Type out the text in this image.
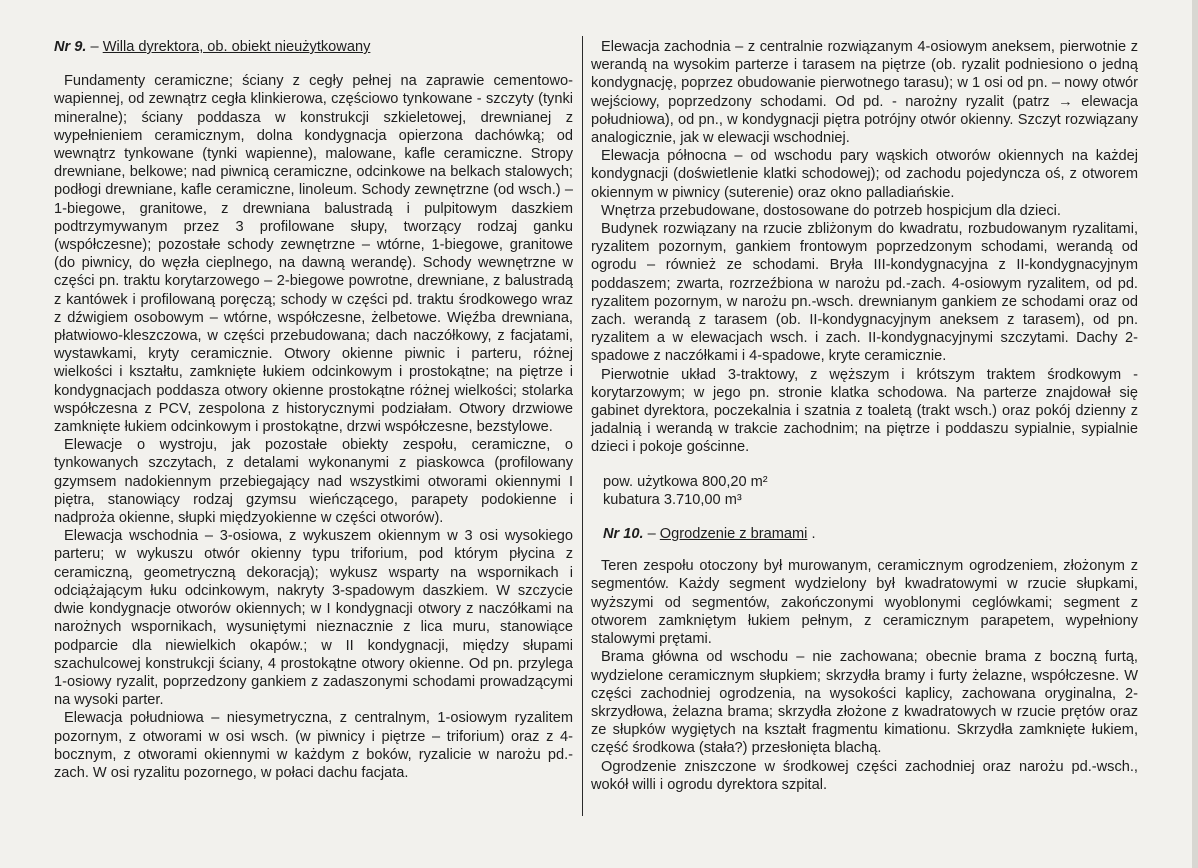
Nr 9. – Willa dyrektora, ob. obiekt nieużytkowany

Fundamenty ceramiczne; ściany z cegły pełnej na zaprawie cementowo-wapiennej, od zewnątrz cegła klinkierowa, częściowo tynkowane - szczyty (tynki mineralne); ściany poddasza w konstrukcji szkieletowej, drewnianej z wypełnieniem ceramicznym, dolna kondygnacja opierzona dachówką; od wewnątrz tynkowane (tynki wapienne), malowane, kafle ceramiczne. Stropy drewniane, belkowe; nad piwnicą ceramiczne, odcinkowe na belkach stalowych; podłogi drewniane, kafle ceramiczne, linoleum. Schody zewnętrzne (od wsch.) – 1-biegowe, granitowe, z drewniana balustradą i pulpitowym daszkiem podtrzymywanym przez 3 profilowane słupy, tworzący rodzaj ganku (współczesne); pozostałe schody zewnętrzne – wtórne, 1-biegowe, granitowe (do piwnicy, do węzła cieplnego, na dawną werandę). Schody wewnętrzne w części pn. traktu korytarzowego – 2-biegowe powrotne, drewniane, z balustradą z kantówek i profilowaną poręczą; schody w części pd. traktu środkowego wraz z dźwigiem osobowym – wtórne, współczesne, żelbetowe. Więźba drewniana, płatwiowo-kleszczowa, w części przebudowana; dach naczółkowy, z facjatami, wystawkami, kryty ceramicznie. Otwory okienne piwnic i parteru, różnej wielkości i kształtu, zamknięte łukiem odcinkowym i prostokątne; na piętrze i kondygnacjach poddasza otwory okienne prostokątne różnej wielkości; stolarka współczesna z PCV, zespolona z historycznymi podziałam. Otwory drzwiowe zamknięte łukiem odcinkowym i prostokątne, drzwi współczesne, bezstylowe.

Elewacje o wystroju, jak pozostałe obiekty zespołu, ceramiczne, o tynkowanych szczytach, z detalami wykonanymi z piaskowca (profilowany gzymsem nadokiennym przebiegający nad wszystkimi otworami okiennymi I piętra, stanowiący rodzaj gzymsu wieńczącego, parapety podokienne i nadproża okienne, słupki międzyokienne w części otworów).

Elewacja wschodnia – 3-osiowa, z wykuszem okiennym w 3 osi wysokiego parteru; w wykuszu otwór okienny typu triforium, pod którym płycina z ceramiczną, geometryczną dekoracją); wykusz wsparty na wspornikach i odciążającym łuku odcinkowym, nakryty 3-spadowym daszkiem. W szczycie dwie kondygnacje otworów okiennych; w I kondygnacji otwory z naczółkami na narożnych wspornikach, wysuniętymi nieznacznie z lica muru, stanowiące podparcie dla niewielkich okapów.; w II kondygnacji, między słupami szachulcowej konstrukcji ściany, 4 prostokątne otwory okienne. Od pn. przylega 1-osiowy ryzalit, poprzedzony gankiem z zadaszonymi schodami prowadzącymi na wysoki parter.

Elewacja południowa – niesymetryczna, z centralnym, 1-osiowym ryzalitem pozornym, z otworami w osi wsch. (w piwnicy i piętrze – triforium) oraz z 4-bocznym, z otworami okiennymi w każdym z boków, ryzalicie w narożu pd.-zach. W osi ryzalitu pozornego, w połaci dachu facjata.

Elewacja zachodnia – z centralnie rozwiązanym 4-osiowym aneksem, pierwotnie z werandą na wysokim parterze i tarasem na piętrze (ob. ryzalit podniesiono o jedną kondygnację, poprzez obudowanie pierwotnego tarasu); w 1 osi od pn. – nowy otwór wejściowy, poprzedzony schodami. Od pd. - narożny ryzalit (patrz → elewacja południowa), od pn., w kondygnacji piętra potrójny otwór okienny. Szczyt rozwiązany analogicznie, jak w elewacji wschodniej.

Elewacja północna – od wschodu pary wąskich otworów okiennych na każdej kondygnacji (doświetlenie klatki schodowej); od zachodu pojedyncza oś, z otworem okiennym w piwnicy (suterenie) oraz okno palladiańskie.

Wnętrza przebudowane, dostosowane do potrzeb hospicjum dla dzieci.

Budynek rozwiązany na rzucie zbliżonym do kwadratu, rozbudowanym ryzalitami, ryzalitem pozornym, gankiem frontowym poprzedzonym schodami, werandą od ogrodu – również ze schodami. Bryła III-kondygnacyjna z II-kondygnacyjnym poddaszem; zwarta, rozrzeźbiona w narożu pd.-zach. 4-osiowym ryzalitem, od pd. ryzalitem pozornym, w narożu pn.-wsch. drewnianym gankiem ze schodami oraz od zach. werandą z tarasem (ob. II-kondygnacyjnym aneksem z tarasem), od pn. ryzalitem a w elewacjach wsch. i zach. II-kondygnacyjnymi szczytami. Dachy 2-spadowe z naczółkami i 4-spadowe, kryte ceramicznie.

Pierwotnie układ 3-traktowy, z węższym i krótszym traktem środkowym - korytarzowym; w jego pn. stronie klatka schodowa. Na parterze znajdował się gabinet dyrektora, poczekalnia i szatnia z toaletą (trakt wsch.) oraz pokój dzienny z jadalnią i werandą w trakcie zachodnim; na piętrze i poddaszu sypialnie, sypialnie dzieci i pokoje gościnne.

pow. użytkowa 800,20 m²

kubatura 3.710,00 m³

Nr 10. – Ogrodzenie z bramami .

Teren zespołu otoczony był murowanym, ceramicznym ogrodzeniem, złożonym z segmentów. Każdy segment wydzielony był kwadratowymi w rzucie słupkami, wyższymi od segmentów, zakończonymi wyoblonymi ceglówkami; segment z otworem zamkniętym łukiem pełnym, z ceramicznym parapetem, wypełniony stalowymi prętami.

Brama główna od wschodu – nie zachowana; obecnie brama z boczną furtą, wydzielone ceramicznym słupkiem; skrzydła bramy i furty żelazne, współczesne. W części zachodniej ogrodzenia, na wysokości kaplicy, zachowana oryginalna, 2-skrzydłowa, żelazna brama; skrzydła złożone z kwadratowych w rzucie prętów oraz ze słupków wygiętych na kształt fragmentu kimationu. Skrzydła zamknięte łukiem, część środkowa (stała?) przesłonięta blachą.

Ogrodzenie zniszczone w środkowej części zachodniej oraz narożu pd.-wsch., wokół willi i ogrodu dyrektora szpital.
